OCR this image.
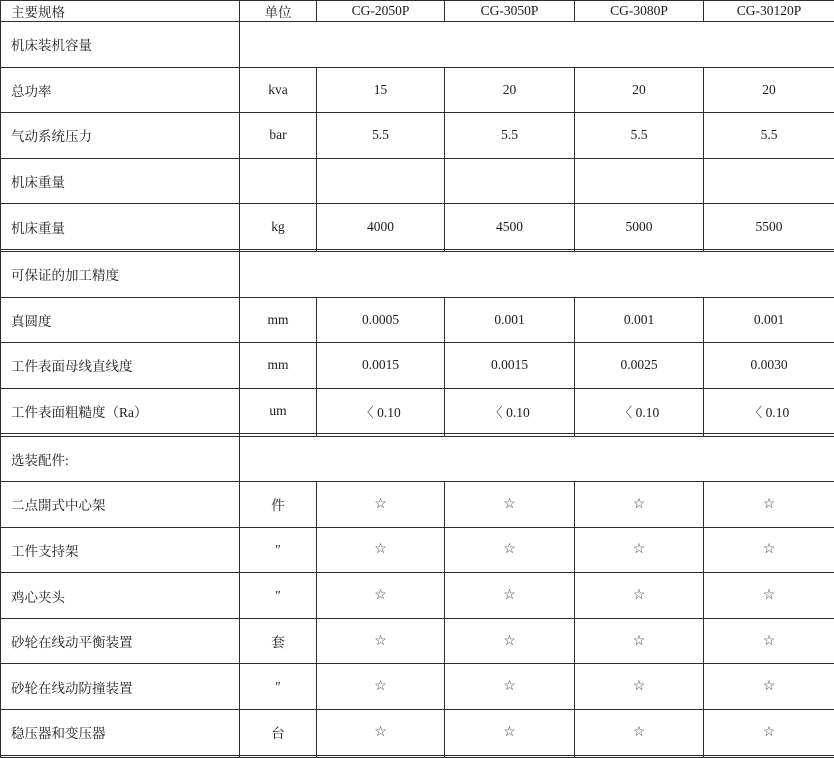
主要规格	单位	CG-2050P	CG-3050P	CG-3080P	CG-30120P
机床装机容量					
总功率	kva	15	20	20	20
气动系统压力	bar	5.5	5.5	5.5	5.5
机床重量					
机床重量	kg	4000	4500	5000	5500

可保证的加工精度					
真圆度	mm	0.0005	0.001	0.001	0.001
工件表面母线直线度	mm	0.0015	0.0015	0.0025	0.0030
工件表面粗糙度（Ra）	um	〈 0.10	〈 0.10	〈 0.10	〈 0.10

选装配件:					
二点開式中心架	件	☆	☆	☆	☆
工件支持架	″	☆	☆	☆	☆
鸡心夹头	″	☆	☆	☆	☆
砂轮在线动平衡装置	套	☆	☆	☆	☆
砂轮在线动防撞装置	″	☆	☆	☆	☆
稳压器和变压器	台	☆	☆	☆	☆
